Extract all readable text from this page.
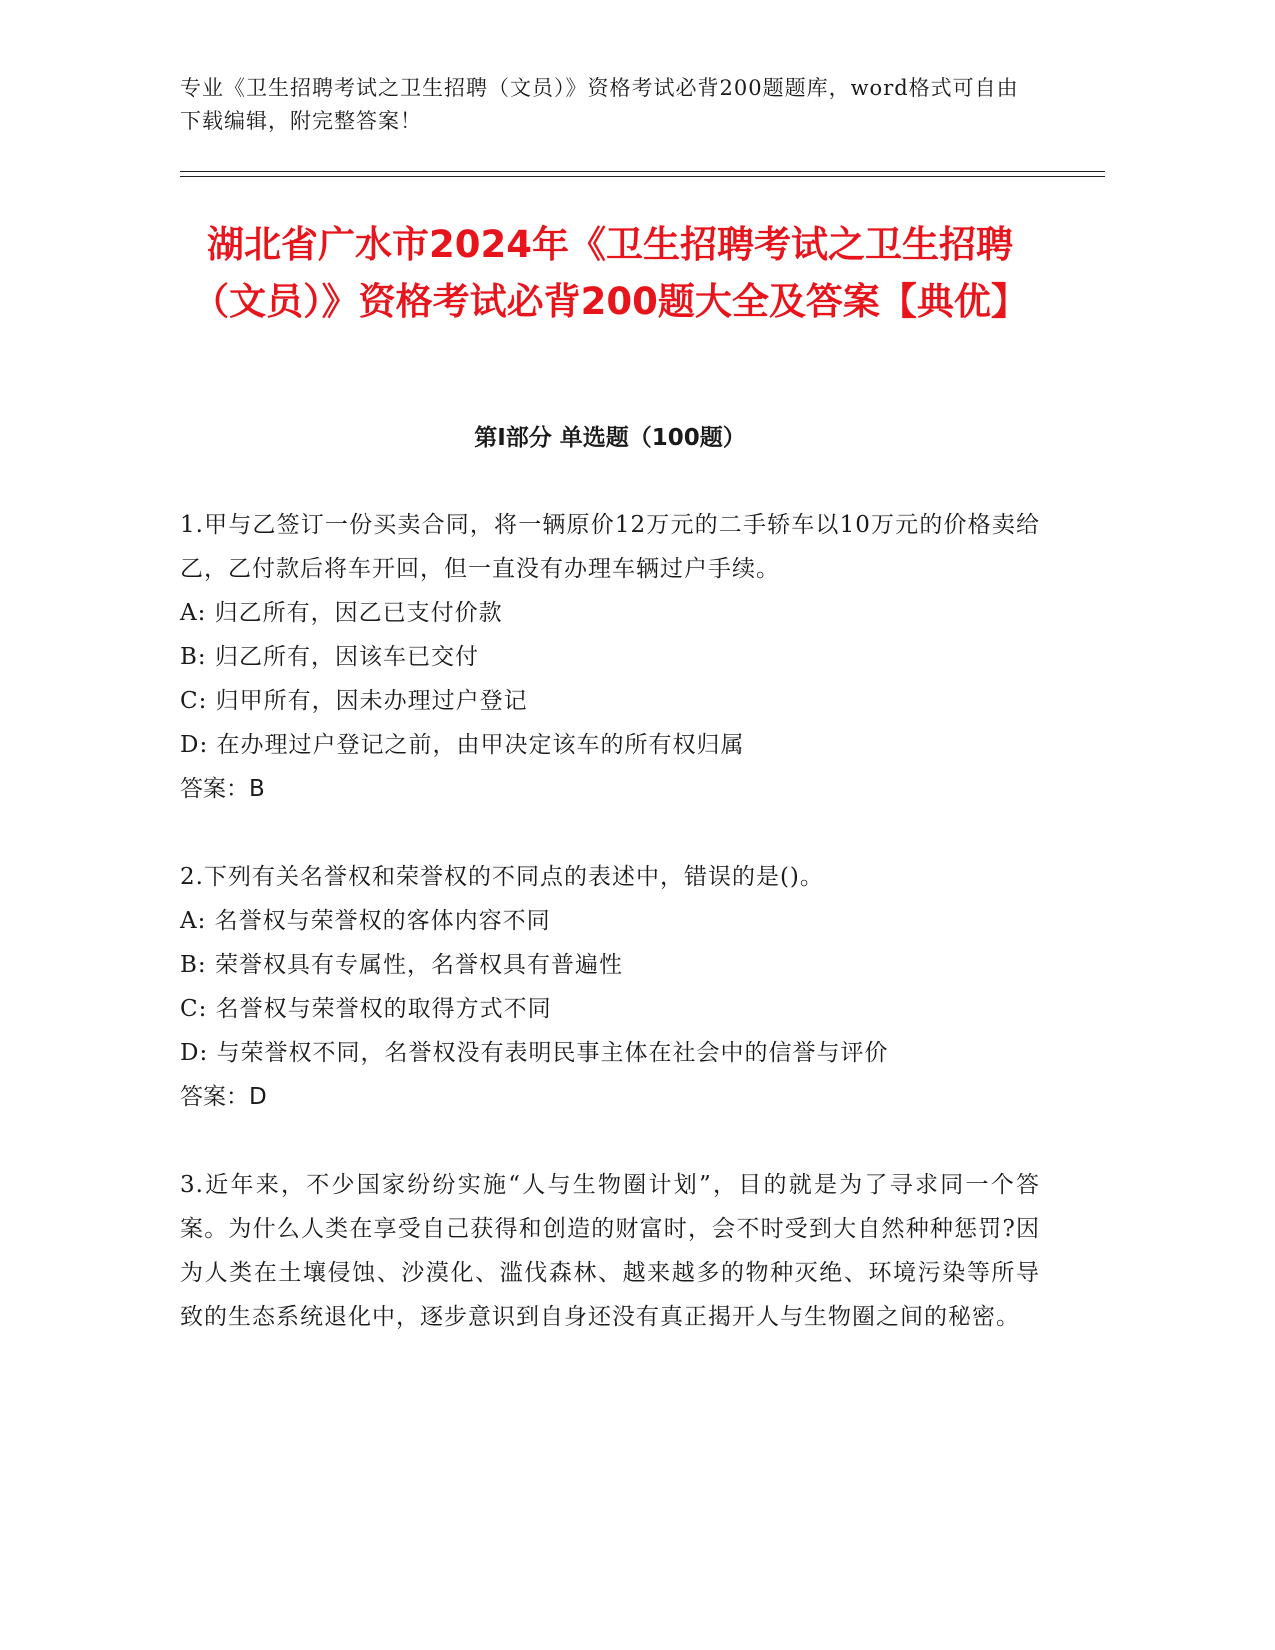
专业《卫生招聘考试之卫生招聘（文员）》资格考试必背200题题库，word格式可自由下载编辑，附完整答案！
湖北省广水市2024年《卫生招聘考试之卫生招聘（文员）》资格考试必背200题大全及答案【典优】
第Ⅰ部分 单选题（100题）
1.甲与乙签订一份买卖合同，将一辆原价12万元的二手轿车以10万元的价格卖给乙，乙付款后将车开回，但一直没有办理车辆过户手续。
A: 归乙所有，因乙已支付价款
B: 归乙所有，因该车已交付
C: 归甲所有，因未办理过户登记
D: 在办理过户登记之前，由甲决定该车的所有权归属
答案：B
2.下列有关名誉权和荣誉权的不同点的表述中，错误的是()。
A: 名誉权与荣誉权的客体内容不同
B: 荣誉权具有专属性，名誉权具有普遍性
C: 名誉权与荣誉权的取得方式不同
D: 与荣誉权不同，名誉权没有表明民事主体在社会中的信誉与评价
答案：D
3.近年来，不少国家纷纷实施“人与生物圈计划”，目的就是为了寻求同一个答案。为什么人类在享受自己获得和创造的财富时，会不时受到大自然种种惩罚?因为人类在土壤侵蚀、沙漠化、滥伐森林、越来越多的物种灭绝、环境污染等所导致的生态系统退化中，逐步意识到自身还没有真正揭开人与生物圈之间的秘密。
